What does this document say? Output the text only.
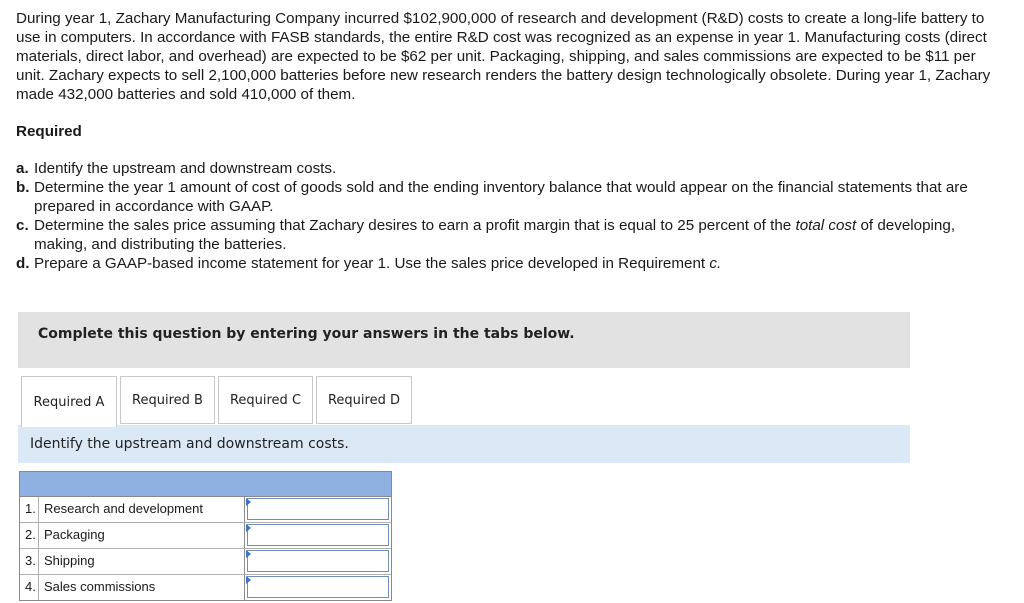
During year 1, Zachary Manufacturing Company incurred $102,900,000 of research and development (R&D) costs to create a long-life battery to use in computers. In accordance with FASB standards, the entire R&D cost was recognized as an expense in year 1. Manufacturing costs (direct materials, direct labor, and overhead) are expected to be $62 per unit. Packaging, shipping, and sales commissions are expected to be $11 per unit. Zachary expects to sell 2,100,000 batteries before new research renders the battery design technologically obsolete. During year 1, Zachary made 432,000 batteries and sold 410,000 of them.
Required
a. Identify the upstream and downstream costs.
b. Determine the year 1 amount of cost of goods sold and the ending inventory balance that would appear on the financial statements that are prepared in accordance with GAAP.
c. Determine the sales price assuming that Zachary desires to earn a profit margin that is equal to 25 percent of the total cost of developing, making, and distributing the batteries.
d. Prepare a GAAP-based income statement for year 1. Use the sales price developed in Requirement c.
Complete this question by entering your answers in the tabs below.
Required A	Required B	Required C	Required D
Identify the upstream and downstream costs.
1. Research and development
2. Packaging
3. Shipping
4. Sales commissions
